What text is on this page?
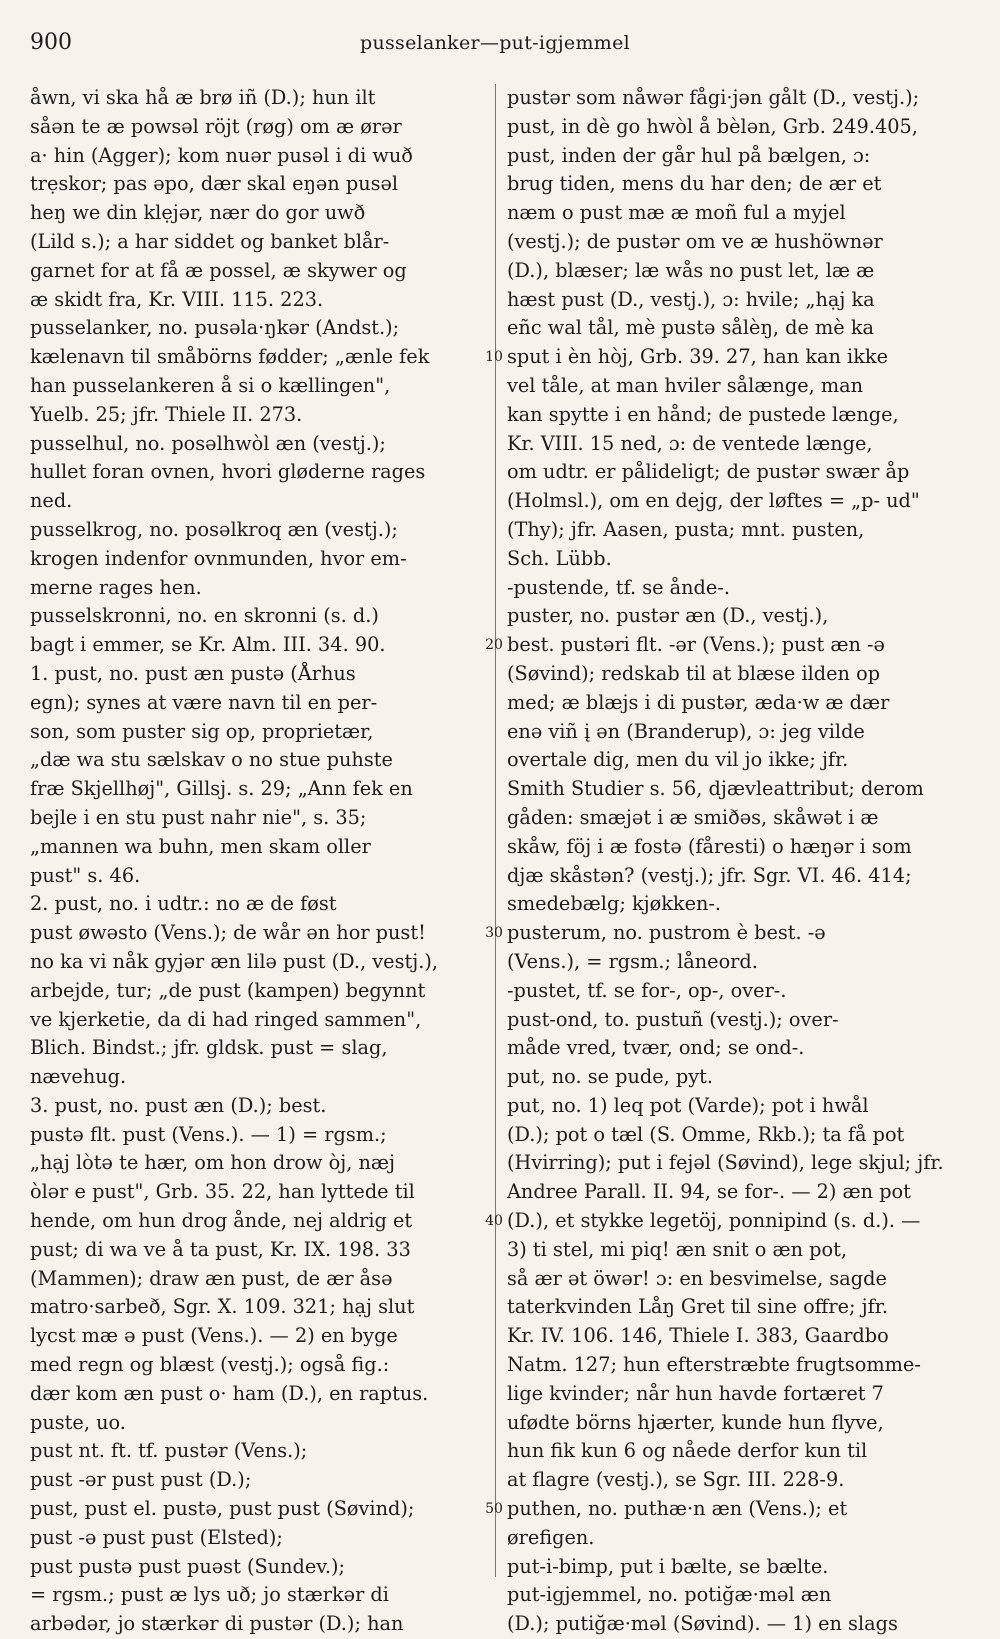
900	pusselanker—put-igjemmel
åwn, vi ska hå æ brø iñ (D.); hun ilt
såən te æ powsəl röjt (røg) om æ ørər
a· hin (Agger); kom nuər pusəl i di wuð
trẹskor; pas əpo, dær skal eŋən pusəl
heŋ we din klẹjər, nær do gor uwð
(Lild s.); a har siddet og banket blår-
garnet for at få æ possel, æ skywer og
æ skidt fra, Kr. VIII. 115. 223.
pusselanker, no. pusəla·ŋkər (Andst.);
kælenavn til småbörns fødder; „ænle fek
han pusselankeren å si o kællingen",
Yuelb. 25; jfr. Thiele II. 273.
pusselhul, no. posəlhwòl æn (vestj.);
hullet foran ovnen, hvori gløderne rages
ned.
pusselkrog, no. posəlkroq æn (vestj.);
krogen indenfor ovnmunden, hvor em-
merne rages hen.
pusselskronni, no. en skronni (s. d.)
bagt i emmer, se Kr. Alm. III. 34. 90.
1. pust, no. pust æn pustə (Århus
egn); synes at være navn til en per-
son, som puster sig op, proprietær,
„dæ wa stu sælskav o no stue puhste
fræ Skjellhøj", Gillsj. s. 29; „Ann fek en
bejle i en stu pust nahr nie", s. 35;
„mannen wa buhn, men skam oller
pust" s. 46.
2. pust, no. i udtr.: no æ de føst
pust øwəsto (Vens.); de wår ən hor pust!
no ka vi nåk gyjər æn lilə pust (D., vestj.),
arbejde, tur; „de pust (kampen) begynnt
ve kjerketie, da di had ringed sammen",
Blich. Bindst.; jfr. gldsk. pust = slag,
nævehug.
3. pust, no. pust æn (D.); best.
pustə flt. pust (Vens.). — 1) = rgsm.;
„hạj lòtə te hær, om hon drow òj, næj
òlər e pust", Grb. 35. 22, han lyttede til
hende, om hun drog ånde, nej aldrig et
pust; di wa ve å ta pust, Kr. IX. 198. 33
(Mammen); draw æn pust, de ær åsə
matro·sarbeð, Sgr. X. 109. 321; hạj slut
lycst mæ ə pust (Vens.). — 2) en byge
med regn og blæst (vestj.); også fig.:
dær kom æn pust o· ham (D.), en raptus.
puste, uo.
pust nt. ft. tf. pustər (Vens.);
pust -ər pust pust (D.);
pust, pust el. pustə, pust pust (Søvind);
pust -ə pust pust (Elsted);
pust pustə pust puəst (Sundev.);
= rgsm.; pust æ lys uð; jo stærkər di
arbədər, jo stærkər di pustər (D.); han
10
20
30
40
50
pustər som nåwər fågi·jən gålt (D., vestj.);
pust, in dè go hwòl å bèlən, Grb. 249.405,
pust, inden der går hul på bælgen, ɔ:
brug tiden, mens du har den; de ær et
næm o pust mæ æ moñ ful a myjel
(vestj.); de pustər om ve æ hushöwnər
(D.), blæser; læ wås no pust let, læ æ
hæst pust (D., vestj.), ɔ: hvile; „hạj ka
eñc wal tål, mè pustə sålèŋ, de mè ka
sput i èn hòj, Grb. 39. 27, han kan ikke
vel tåle, at man hviler sålænge, man
kan spytte i en hånd; de pustede længe,
Kr. VIII. 15 ned, ɔ: de ventede længe,
om udtr. er pålideligt; de pustər swær åp
(Holmsl.), om en dejg, der løftes = „p- ud"
(Thy); jfr. Aasen, pusta; mnt. pusten,
Sch. Lübb.
-pustende, tf. se ånde-.
puster, no. pustər æn (D., vestj.),
best. pustəri flt. -ər (Vens.); pust æn -ə
(Søvind); redskab til at blæse ilden op
med; æ blæjs i di pustər, æda·w æ dær
enə viñ į ən (Branderup), ɔ: jeg vilde
overtale dig, men du vil jo ikke; jfr.
Smith Studier s. 56, djævleattribut; derom
gåden: smæjət i æ smiðəs, skåwət i æ
skåw, föj i æ fostə (fåresti) o hæŋər i som
djæ skåstən? (vestj.); jfr. Sgr. VI. 46. 414;
smedebælg; kjøkken-.
pusterum, no. pustrom è best. -ə
(Vens.), = rgsm.; låneord.
-pustet, tf. se for-, op-, over-.
pust-ond, to. pustuñ (vestj.); over-
måde vred, tvær, ond; se ond-.
put, no. se pude, pyt.
put, no. 1) leq pot (Varde); pot i hwål
(D.); pot o tæl (S. Omme, Rkb.); ta få pot
(Hvirring); put i fejəl (Søvind), lege skjul; jfr.
Andree Parall. II. 94, se for-. — 2) æn pot
(D.), et stykke legetöj, ponnipind (s. d.). —
3) ti stel, mi piq! æn snit o æn pot,
så ær ət öwər! ɔ: en besvimelse, sagde
taterkvinden Låŋ Gret til sine offre; jfr.
Kr. IV. 106. 146, Thiele I. 383, Gaardbo
Natm. 127; hun efterstræbte frugtsomme-
lige kvinder; når hun havde fortæret 7
ufødte börns hjærter, kunde hun flyve,
hun fik kun 6 og nåede derfor kun til
at flagre (vestj.), se Sgr. III. 228-9.
puthen, no. puthæ·n æn (Vens.); et
ørefigen.
put-i-bimp, put i bælte, se bælte.
put-igjemmel, no. potiğæ·məl æn
(D.); putiğæ·məl (Søvind). — 1) en slags
